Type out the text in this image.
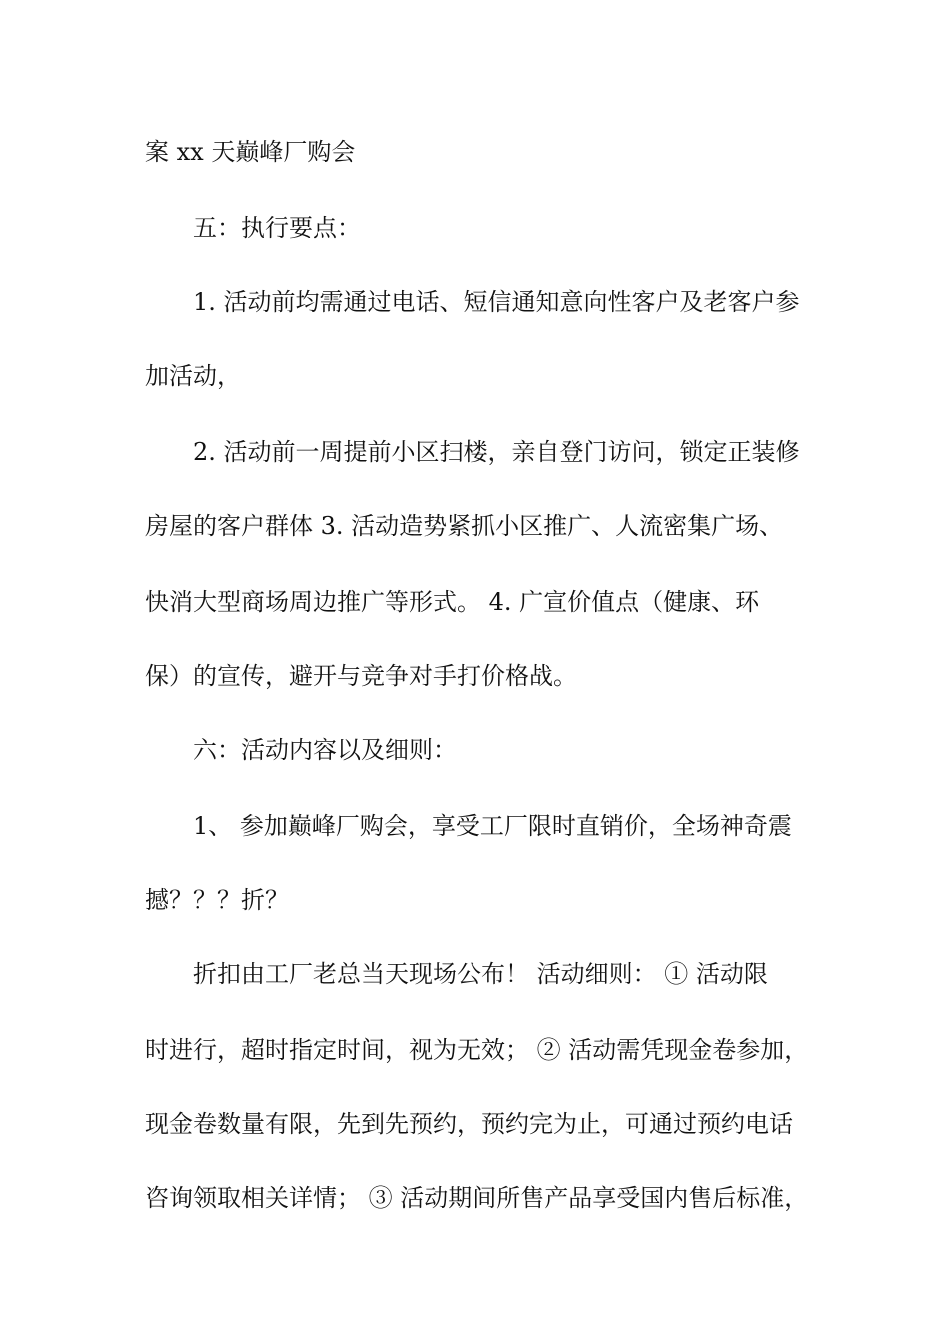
案 xx 天巅峰厂购会
五：执行要点：
1. 活动前均需通过电话、短信通知意向性客户及老客户参
加活动，
2. 活动前一周提前小区扫楼，亲自登门访问，锁定正装修
房屋的客户群体 3. 活动造势紧抓小区推广、人流密集广场、
快消大型商场周边推广等形式。 4. 广宣价值点（健康、环
保）的宣传，避开与竞争对手打价格战。
六：活动内容以及细则：
1、 参加巅峰厂购会，享受工厂限时直销价，全场神奇震
撼？？？折？
折扣由工厂老总当天现场公布！ 活动细则： ① 活动限
时进行，超时指定时间，视为无效； ② 活动需凭现金卷参加，
现金卷数量有限，先到先预约，预约完为止，可通过预约电话
咨询领取相关详情； ③ 活动期间所售产品享受国内售后标准，
